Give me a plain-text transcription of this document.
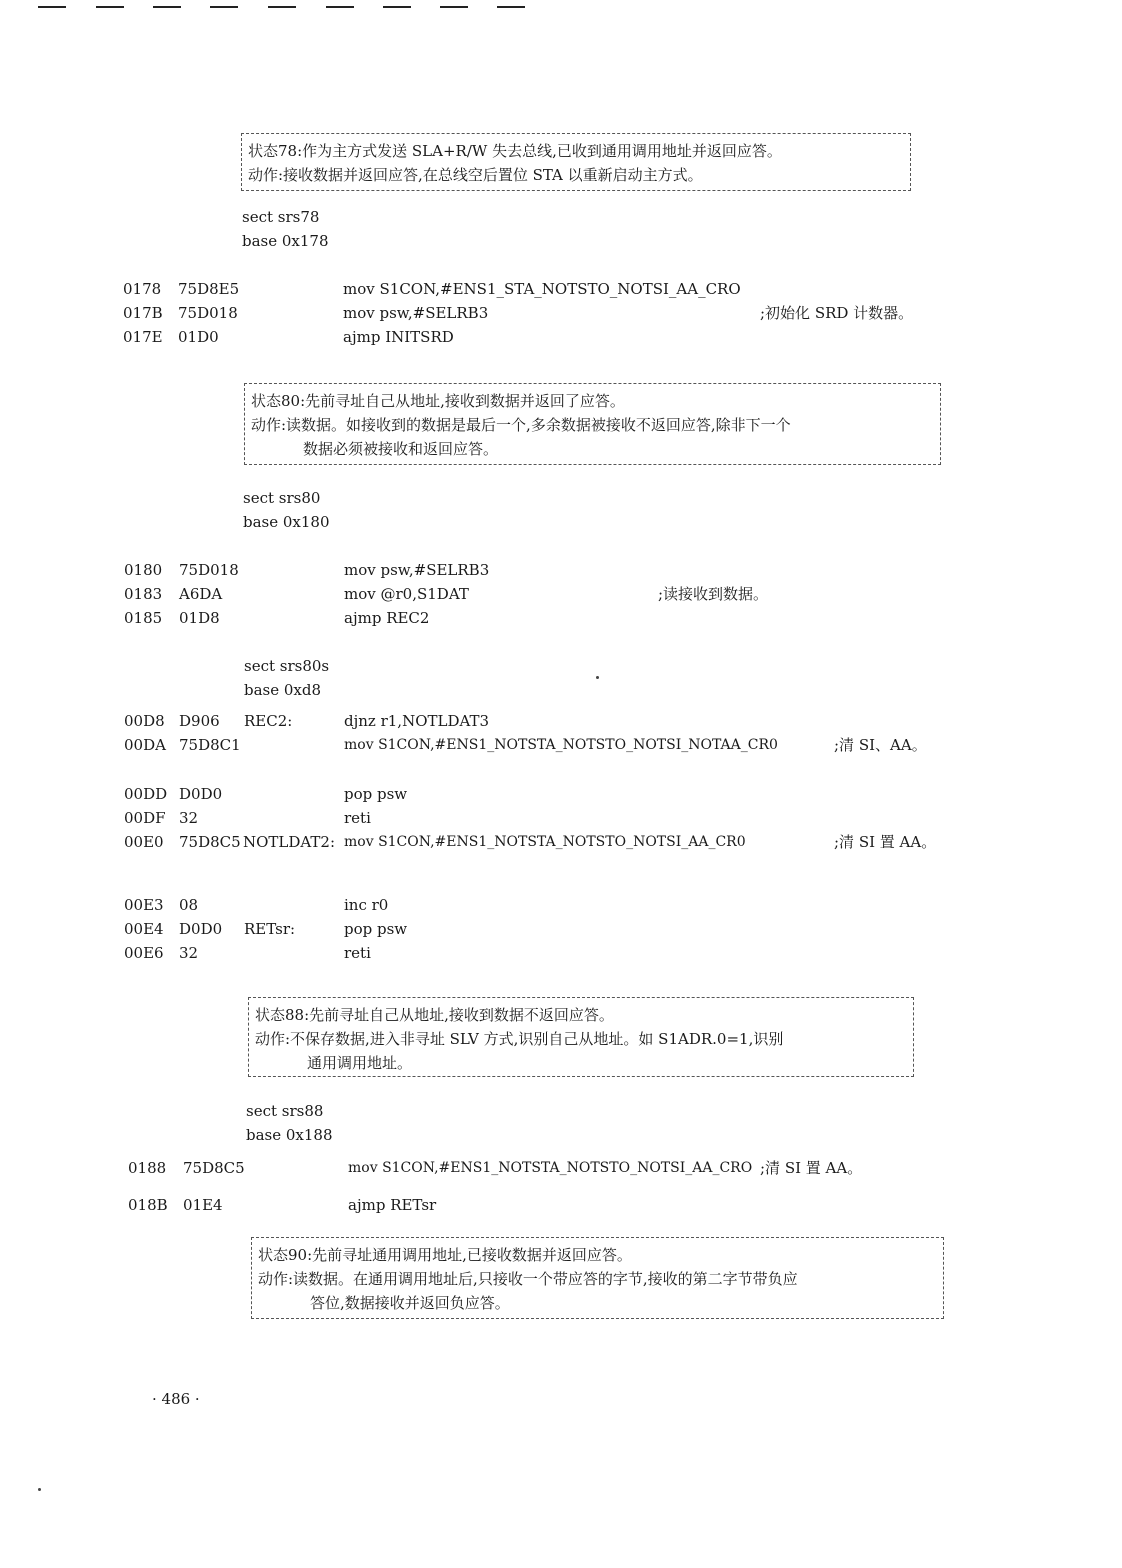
状态78:作为主方式发送 SLA+R/W 失去总线,已收到通用调用地址并返回应答。
动作:接收数据并返回应答,在总线空后置位 STA 以重新启动主方式。
sect srs78
base 0x178
0178 75D8E5	mov S1CON,#ENS1_STA_NOTSTO_NOTSI_AA_CRO
017B 75D018	mov psw,#SELRB3	;初始化 SRD 计数器。
017E 01D0	ajmp INITSRD
状态80:先前寻址自己从地址,接收到数据并返回了应答。
动作:读数据。如接收到的数据是最后一个,多余数据被接收不返回应答,除非下一个
数据必须被接收和返回应答。
sect srs80
base 0x180
0180 75D018	mov psw,#SELRB3
0183 A6DA	mov @r0,S1DAT	;读接收到数据。
0185 01D8	ajmp REC2
sect srs80s
base 0xd8
00D8 D906 REC2:	djnz r1,NOTLDAT3
00DA 75D8C1	mov S1CON,#ENS1_NOTSTA_NOTSTO_NOTSI_NOTAA_CR0	;清 SI、AA。
00DD D0D0	pop psw
00DF 32	reti
00E0 75D8C5 NOTLDAT2: mov S1CON,#ENS1_NOTSTA_NOTSTO_NOTSI_AA_CR0	;清 SI 置 AA。
00E3 08	inc r0
00E4 D0D0 RETsr:	pop psw
00E6 32	reti
状态88:先前寻址自己从地址,接收到数据不返回应答。
动作:不保存数据,进入非寻址 SLV 方式,识别自己从地址。如 S1ADR.0=1,识别
通用调用地址。
sect srs88
base 0x188
0188 75D8C5	mov S1CON,#ENS1_NOTSTA_NOTSTO_NOTSI_AA_CRO ;清 SI 置 AA。
018B 01E4	ajmp RETsr
状态90:先前寻址通用调用地址,已接收数据并返回应答。
动作:读数据。在通用调用地址后,只接收一个带应答的字节,接收的第二字节带负应
答位,数据接收并返回负应答。
· 486 ·
